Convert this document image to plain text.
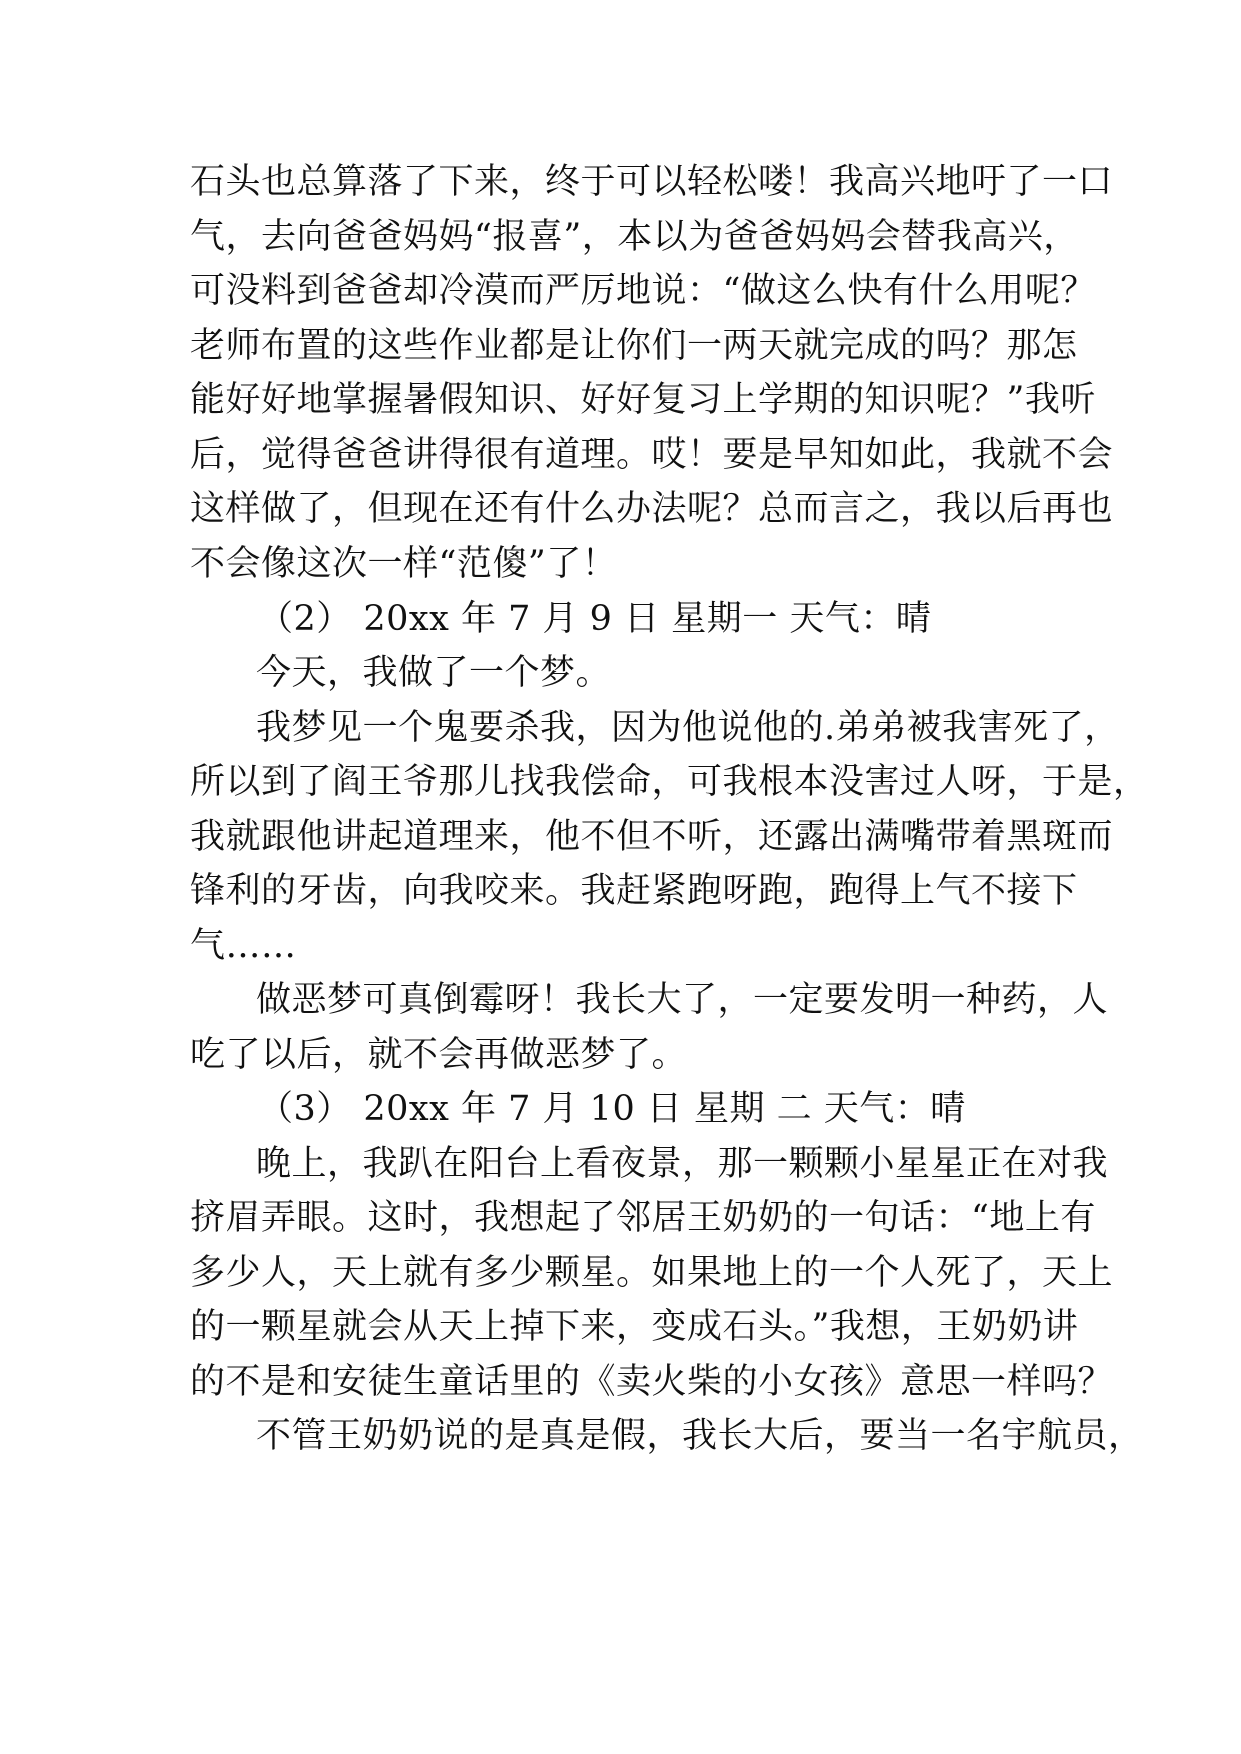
石头也总算落了下来，终于可以轻松喽！我高兴地吁了一口
气，去向爸爸妈妈“报喜”，本以为爸爸妈妈会替我高兴，
可没料到爸爸却冷漠而严厉地说：“做这么快有什么用呢？
老师布置的这些作业都是让你们一两天就完成的吗？那怎
能好好地掌握暑假知识、好好复习上学期的知识呢？”我听
后，觉得爸爸讲得很有道理。哎！要是早知如此，我就不会
这样做了，但现在还有什么办法呢？总而言之，我以后再也
不会像这次一样“范傻”了！
（2） 20xx 年 7 月 9 日 星期一 天气：晴
今天，我做了一个梦。
我梦见一个鬼要杀我，因为他说他的.弟弟被我害死了，
所以到了阎王爷那儿找我偿命，可我根本没害过人呀，于是，
我就跟他讲起道理来，他不但不听，还露出满嘴带着黑斑而
锋利的牙齿，向我咬来。我赶紧跑呀跑，跑得上气不接下
气……
做恶梦可真倒霉呀！我长大了，一定要发明一种药，人
吃了以后，就不会再做恶梦了。
（3） 20xx 年 7 月 10 日 星期 二 天气：晴
晚上，我趴在阳台上看夜景，那一颗颗小星星正在对我
挤眉弄眼。这时，我想起了邻居王奶奶的一句话：“地上有
多少人，天上就有多少颗星。如果地上的一个人死了，天上
的一颗星就会从天上掉下来，变成石头。”我想，王奶奶讲
的不是和安徒生童话里的《卖火柴的小女孩》意思一样吗？
不管王奶奶说的是真是假，我长大后，要当一名宇航员，
